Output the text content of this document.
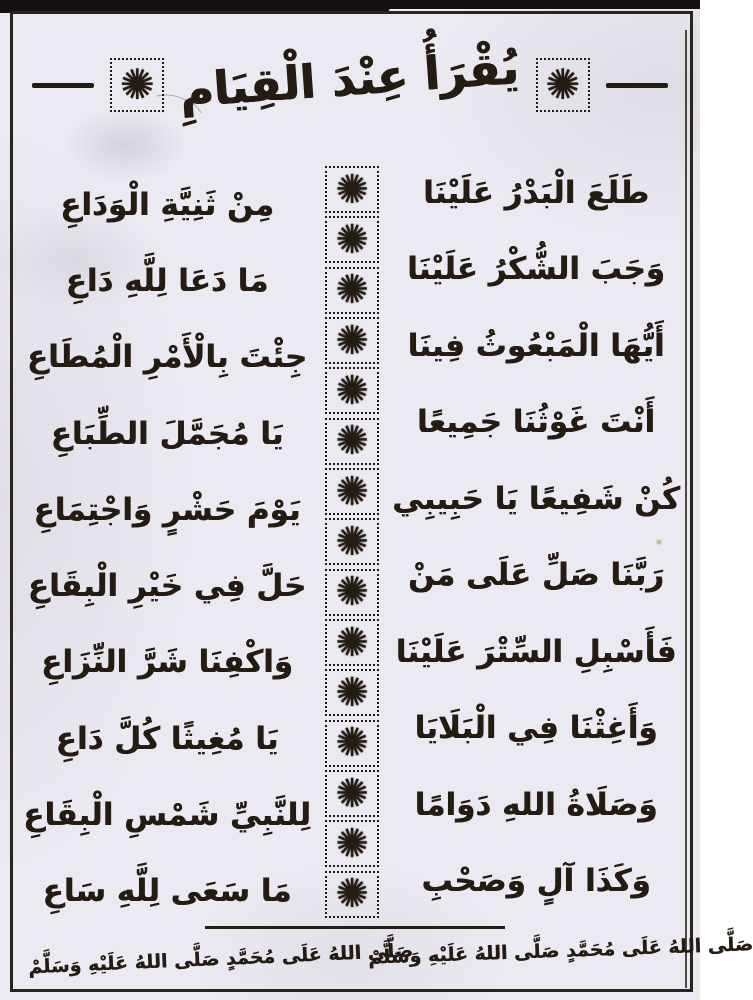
✺ يُقْرَأُ عِنْدَ الْقِيَامِ ✺
✺
✺
✺
✺
✺
✺
✺
✺
✺
✺
✺
✺
✺
✺
✺
طَلَعَ الْبَدْرُ عَلَيْنَا
وَجَبَ الشُّكْرُ عَلَيْنَا
أَيُّهَا الْمَبْعُوثُ فِينَا
أَنْتَ غَوْثُنَا جَمِيعًا
كُنْ شَفِيعًا يَا حَبِيبِي
رَبَّنَا صَلِّ عَلَى مَنْ
فَأَسْبِلِ السِّتْرَ عَلَيْنَا
وَأَغِثْنَا فِي الْبَلَايَا
وَصَلَاةُ اللهِ دَوَامًا
وَكَذَا آلٍ وَصَحْبِ
مِنْ ثَنِيَّةِ الْوَدَاعِ
مَا دَعَا لِلَّهِ دَاعِ
جِئْتَ بِالْأَمْرِ الْمُطَاعِ
يَا مُجَمَّلَ الطِّبَاعِ
يَوْمَ حَشْرٍ وَاجْتِمَاعِ
حَلَّ فِي خَيْرِ الْبِقَاعِ
وَاكْفِنَا شَرَّ النِّزَاعِ
يَا مُغِيثًا كُلَّ دَاعِ
لِلنَّبِيِّ شَمْسِ الْبِقَاعِ
مَا سَعَى لِلَّهِ سَاعِ
صَلَّى اللهُ عَلَى مُحَمَّدٍ صَلَّى اللهُ عَلَيْهِ وَسَلَّمْ
صَلَّى اللهُ عَلَى مُحَمَّدٍ صَلَّى اللهُ عَلَيْهِ وَسَلَّمْ
